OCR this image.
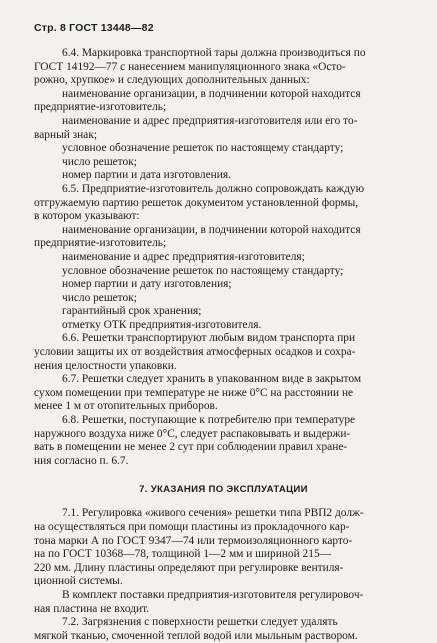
Стр. 8 ГОСТ 13448—82

6.4. Маркировка транспортной тары должна производиться по

ГОСТ 14192—77 с нанесением манипуляционного знака «Осто-

рожно, хрупкое» и следующих дополнительных данных:

наименование организации, в подчинении которой находится

предприятие-изготовитель;

наименование и адрес предприятия-изготовителя или его то-

варный знак;

условное обозначение решеток по настоящему стандарту;

число решеток;

номер партии и дата изготовления.

6.5. Предприятие-изготовитель должно сопровождать каждую

отгружаемую партию решеток документом установленной формы,

в котором указывают:

наименование организации, в подчинении которой находится

предприятие-изготовитель;

наименование и адрес предприятия-изготовителя;

условное обозначение решеток по настоящему стандарту;

номер партии и дату изготовления;

число решеток;

гарантийный срок хранения;

отметку ОТК предприятия-изготовителя.

6.6. Решетки транспортируют любым видом транспорта при

условии защиты их от воздействия атмосферных осадков и сохра-

нения целостности упаковки.

6.7. Решетки следует хранить в упакованном виде в закрытом

сухом помещении при температуре не ниже 0°С на расстоянии не

менее 1 м от отопительных приборов.

6.8. Решетки, поступающие к потребителю при температуре

наружного воздуха ниже 0°С, следует распаковывать и выдержи-

вать в помещении не менее 2 сут при соблюдении правил хране-

ния согласно п. 6.7.

7. УКАЗАНИЯ ПО ЭКСПЛУАТАЦИИ

7.1. Регулировка «живого сечения» решетки типа РВП2 долж-

на осуществляться при помощи пластины из прокладочного кар-

тона марки А по ГОСТ 9347—74 или термоизоляционного карто-

на по ГОСТ 10368—78, толщиной 1—2 мм и шириной 215—

220 мм. Длину пластины определяют при регулировке вентиля-

ционной системы.

В комплект поставки предприятия-изготовителя регулировоч-

ная пластина не входит.

7.2. Загрязнения с поверхности решетки следует удалять

мягкой тканью, смоченной теплой водой или мыльным раствором.
